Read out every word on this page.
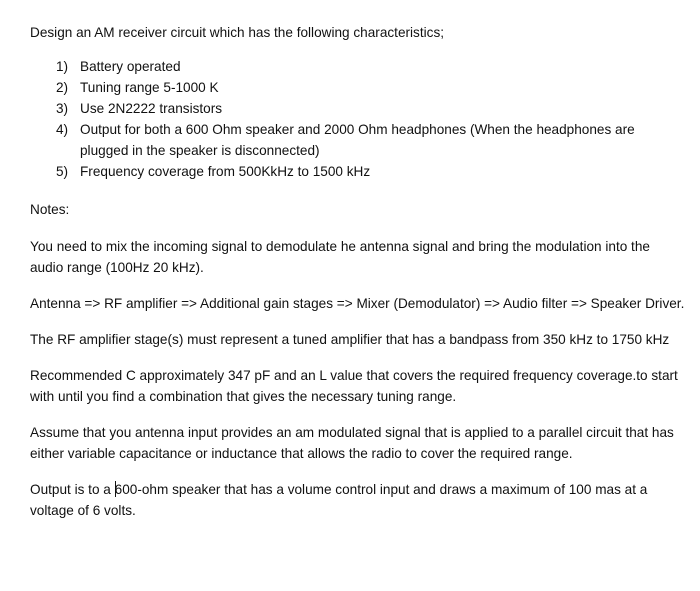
Design an AM receiver circuit which has the following characteristics;

1) Battery operated
2) Tuning range 5-1000 K
3) Use 2N2222 transistors
4) Output for both a 600 Ohm speaker and 2000 Ohm headphones (When the headphones are plugged in the speaker is disconnected)
5) Frequency coverage from 500KkHz to 1500 kHz

Notes:

You need to mix the incoming signal to demodulate he antenna signal and bring the modulation into the audio range (100Hz 20 kHz).

Antenna => RF amplifier => Additional gain stages => Mixer (Demodulator) => Audio filter => Speaker Driver.

The RF amplifier stage(s) must represent a tuned amplifier that has a bandpass from 350 kHz to 1750 kHz

Recommended C approximately 347 pF and an L value that covers the required frequency coverage.to start with until you find a combination that gives the necessary tuning range.

Assume that you antenna input provides an am modulated signal that is applied to a parallel circuit that has either variable capacitance or inductance that allows the radio to cover the required range.

Output is to a 600-ohm speaker that has a volume control input and draws a maximum of 100 mas at a voltage of 6 volts.
